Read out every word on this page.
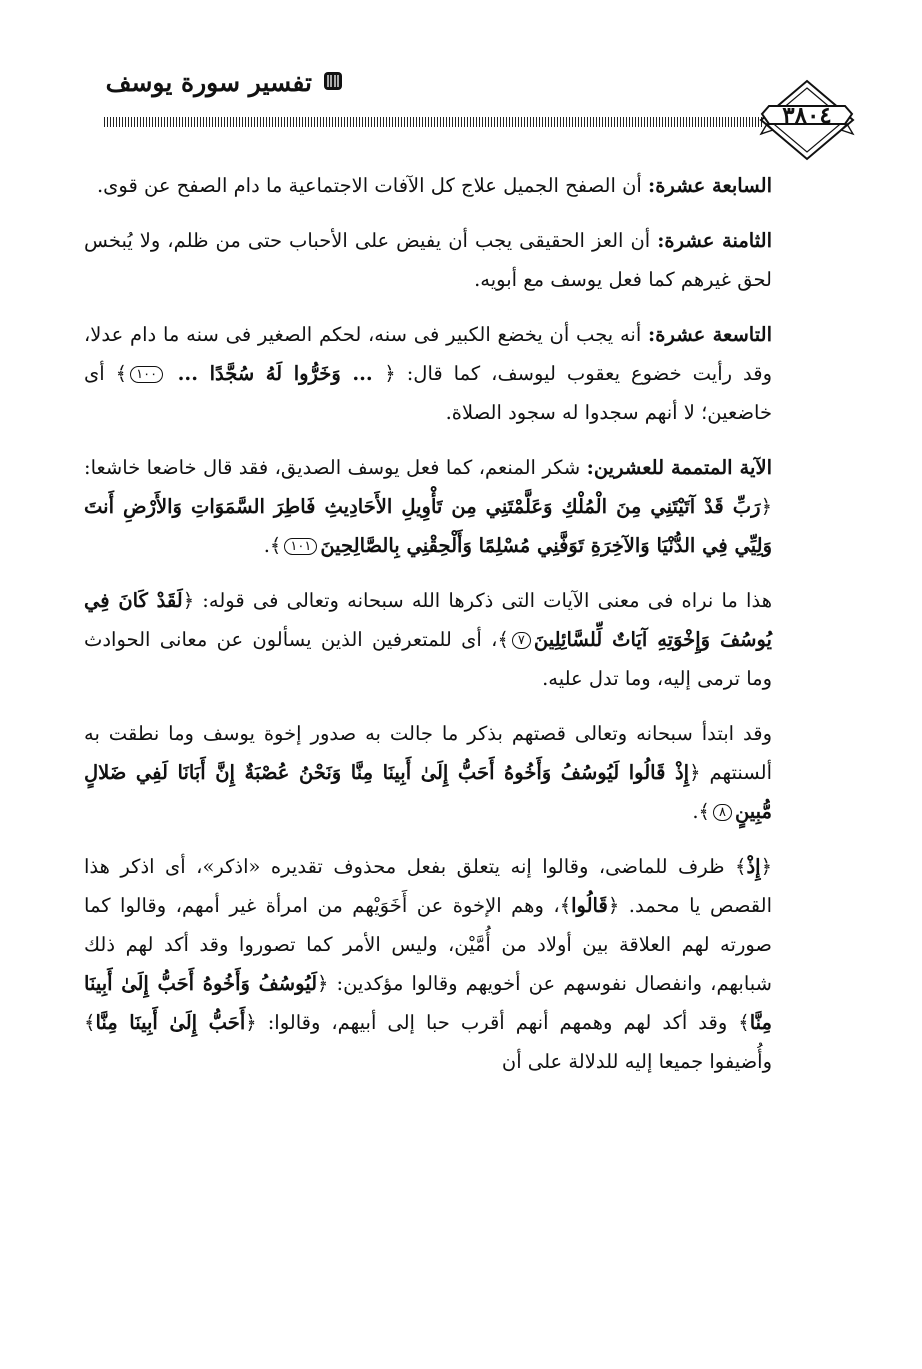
تفسير سورة يوسف
٣٨٠٤

السابعة عشرة: أن الصفح الجميل علاج كل الآفات الاجتماعية ما دام الصفح عن قوى.

الثامنة عشرة: أن العز الحقيقى يجب أن يفيض على الأحباب حتى من ظلم، ولا يُبخس لحق غيرهم كما فعل يوسف مع أبويه.

التاسعة عشرة: أنه يجب أن يخضع الكبير فى سنه، لحكم الصغير فى سنه ما دام عدلا، وقد رأيت خضوع يعقوب ليوسف، كما قال: ﴿ ... وَخَرُّوا لَهُ سُجَّدًا ... ١٠٠﴾ أى خاضعين؛ لا أنهم سجدوا له سجود الصلاة.

الآية المتممة للعشرين: شكر المنعم، كما فعل يوسف الصديق، فقد قال خاضعا خاشعا: ﴿رَبِّ قَدْ آتَيْتَنِي مِنَ الْمُلْكِ وَعَلَّمْتَنِي مِن تَأْوِيلِ الأَحَادِيثِ فَاطِرَ السَّمَوَاتِ وَالأَرْضِ أَنتَ وَلِيِّي فِي الدُّنْيَا وَالآخِرَةِ تَوَفَّنِي مُسْلِمًا وَأَلْحِقْنِي بِالصَّالِحِينَ١٠١﴾.

هذا ما نراه فى معنى الآيات التى ذكرها الله سبحانه وتعالى فى قوله: ﴿لَقَدْ كَانَ فِي يُوسُفَ وَإِخْوَتِهِ آيَاتٌ لِّلسَّائِلِينَ٧﴾، أى للمتعرفين الذين يسألون عن معانى الحوادث وما ترمى إليه، وما تدل عليه.

وقد ابتدأ سبحانه وتعالى قصتهم بذكر ما جالت به صدور إخوة يوسف وما نطقت به ألسنتهم ﴿إِذْ قَالُوا لَيُوسُفُ وَأَخُوهُ أَحَبُّ إِلَىٰ أَبِينَا مِنَّا وَنَحْنُ عُصْبَةٌ إِنَّ أَبَانَا لَفِي ضَلالٍ مُّبِينٍ٨﴾.

﴿إِذْ﴾ ظرف للماضى، وقالوا إنه يتعلق بفعل محذوف تقديره «اذكر»، أى اذكر هذا القصص يا محمد. ﴿قَالُوا﴾، وهم الإخوة عن أَخَوَيْهم من امرأة غير أمهم، وقالوا كما صورته لهم العلاقة بين أولاد من أُمَّيْن، وليس الأمر كما تصوروا وقد أكد لهم ذلك شبابهم، وانفصال نفوسهم عن أخويهم وقالوا مؤكدين: ﴿لَيُوسُفُ وَأَخُوهُ أَحَبُّ إِلَىٰ أَبِينَا مِنَّا﴾ وقد أكد لهم وهمهم أنهم أقرب حبا إلى أبيهم، وقالوا: ﴿أَحَبُّ إِلَىٰ أَبِينَا مِنَّا﴾ وأُضيفوا جميعا إليه للدلالة على أن
